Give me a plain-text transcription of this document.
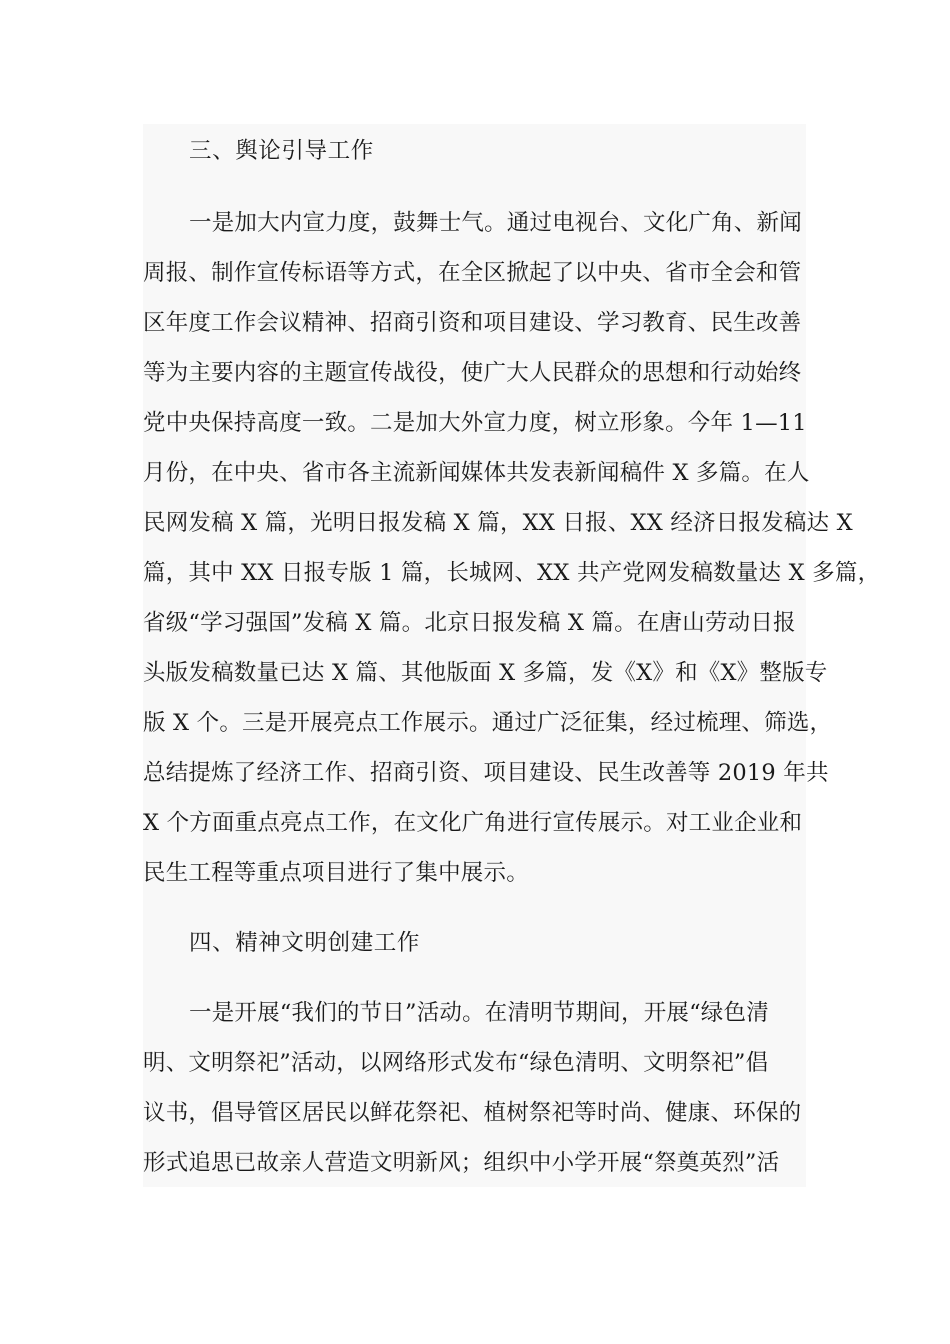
三、舆论引导工作
一是加大内宣力度，鼓舞士气。通过电视台、文化广角、新闻
周报、制作宣传标语等方式，在全区掀起了以中央、省市全会和管
区年度工作会议精神、招商引资和项目建设、学习教育、民生改善
等为主要内容的主题宣传战役，使广大人民群众的思想和行动始终
党中央保持高度一致。二是加大外宣力度，树立形象。今年 1—11
月份，在中央、省市各主流新闻媒体共发表新闻稿件 X 多篇。在人
民网发稿 X 篇，光明日报发稿 X 篇，XX 日报、XX 经济日报发稿达 X
篇，其中 XX 日报专版 1 篇，长城网、XX 共产党网发稿数量达 X 多篇，
省级“学习强国”发稿 X 篇。北京日报发稿 X 篇。在唐山劳动日报
头版发稿数量已达 X 篇、其他版面 X 多篇，发《X》和《X》整版专
版 X 个。三是开展亮点工作展示。通过广泛征集，经过梳理、筛选，
总结提炼了经济工作、招商引资、项目建设、民生改善等 2019 年共
X 个方面重点亮点工作，在文化广角进行宣传展示。对工业企业和
民生工程等重点项目进行了集中展示。
四、精神文明创建工作
一是开展“我们的节日”活动。在清明节期间，开展“绿色清
明、文明祭祀”活动，以网络形式发布“绿色清明、文明祭祀”倡
议书，倡导管区居民以鲜花祭祀、植树祭祀等时尚、健康、环保的
形式追思已故亲人营造文明新风；组织中小学开展“祭奠英烈”活
